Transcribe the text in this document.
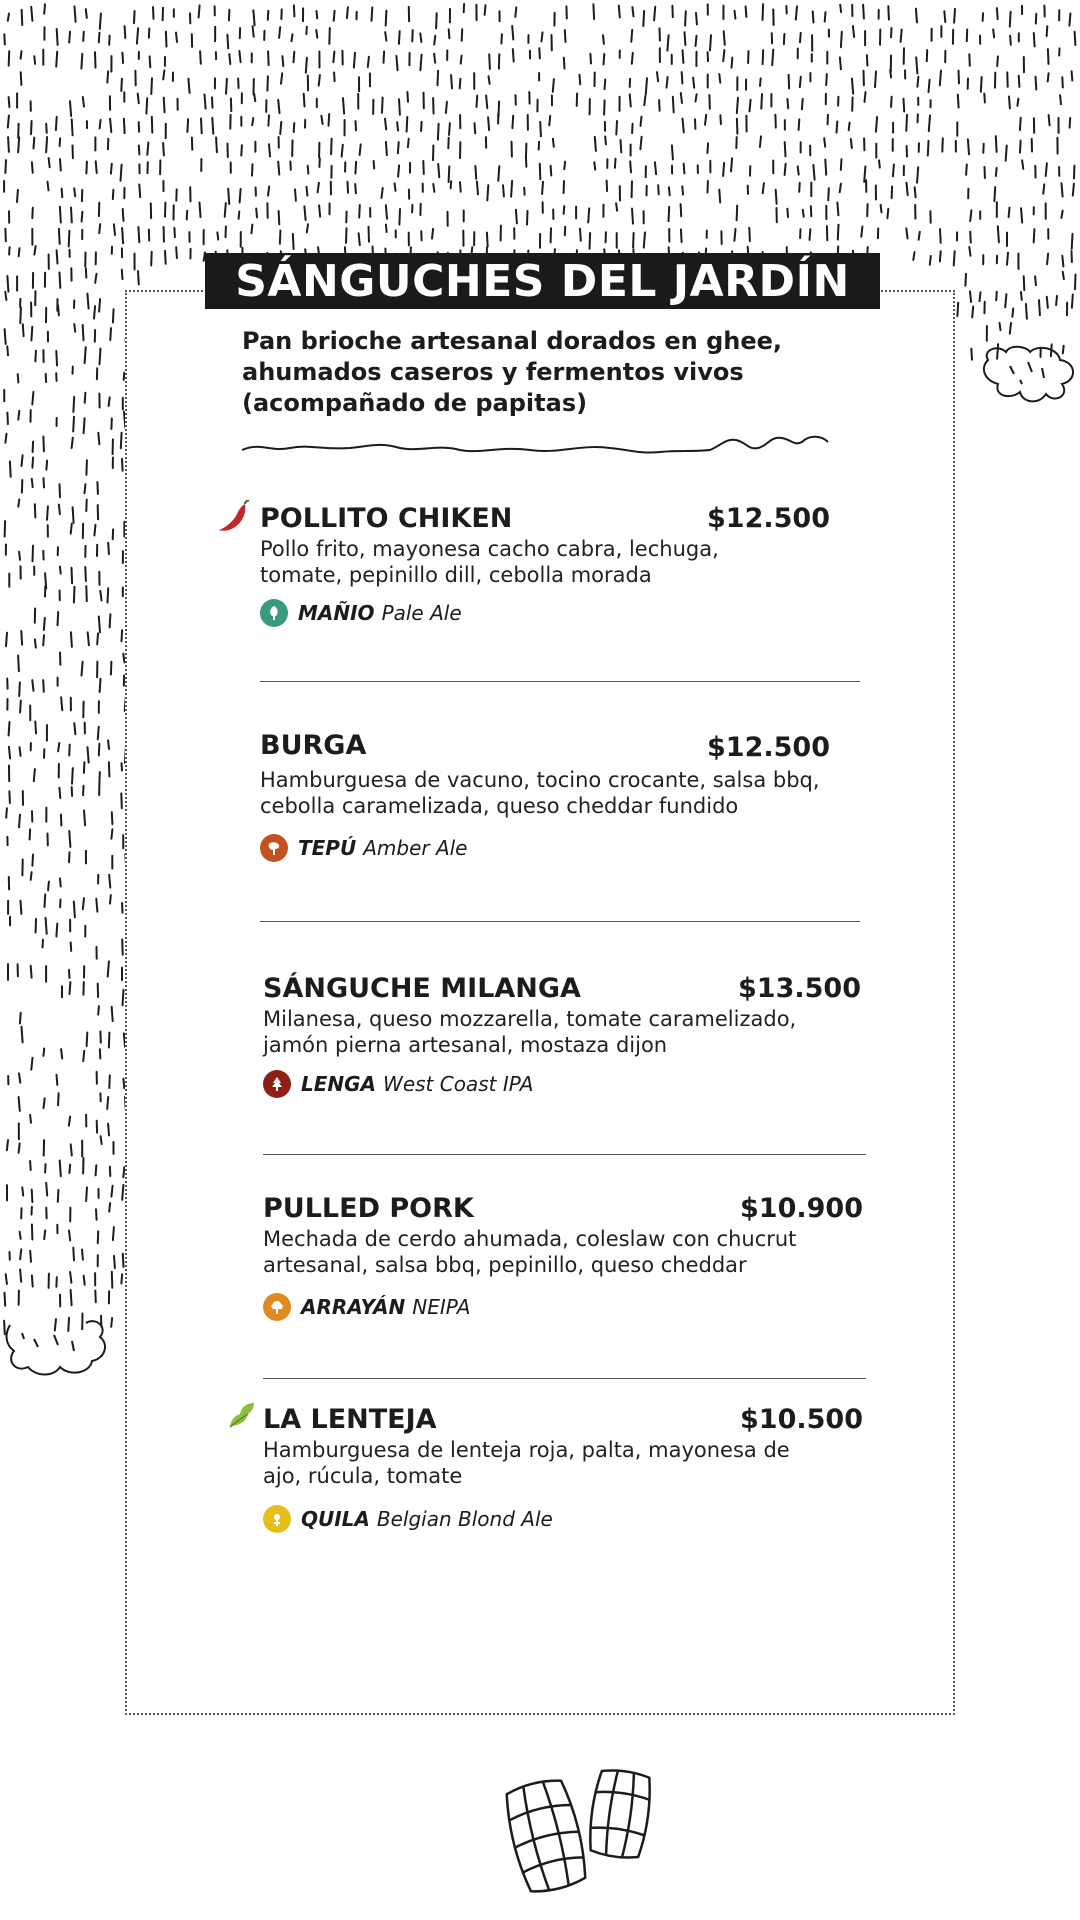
SÁNGUCHES DEL JARDÍN
Pan brioche artesanal dorados en ghee,
ahumados caseros y fermentos vivos
(acompañado de papitas)
POLLITO CHIKEN	$12.500
Pollo frito, mayonesa cacho cabra, lechuga,
tomate, pepinillo dill, cebolla morada
MAÑIO Pale Ale
BURGA	$12.500
Hamburguesa de vacuno, tocino crocante, salsa bbq,
cebolla caramelizada, queso cheddar fundido
TEPÚ Amber Ale
SÁNGUCHE MILANGA	$13.500
Milanesa, queso mozzarella, tomate caramelizado,
jamón pierna artesanal, mostaza dijon
LENGA West Coast IPA
PULLED PORK	$10.900
Mechada de cerdo ahumada, coleslaw con chucrut
artesanal, salsa bbq, pepinillo, queso cheddar
ARRAYÁN NEIPA
LA LENTEJA	$10.500
Hamburguesa de lenteja roja, palta, mayonesa de
ajo, rúcula, tomate
QUILA Belgian Blond Ale
